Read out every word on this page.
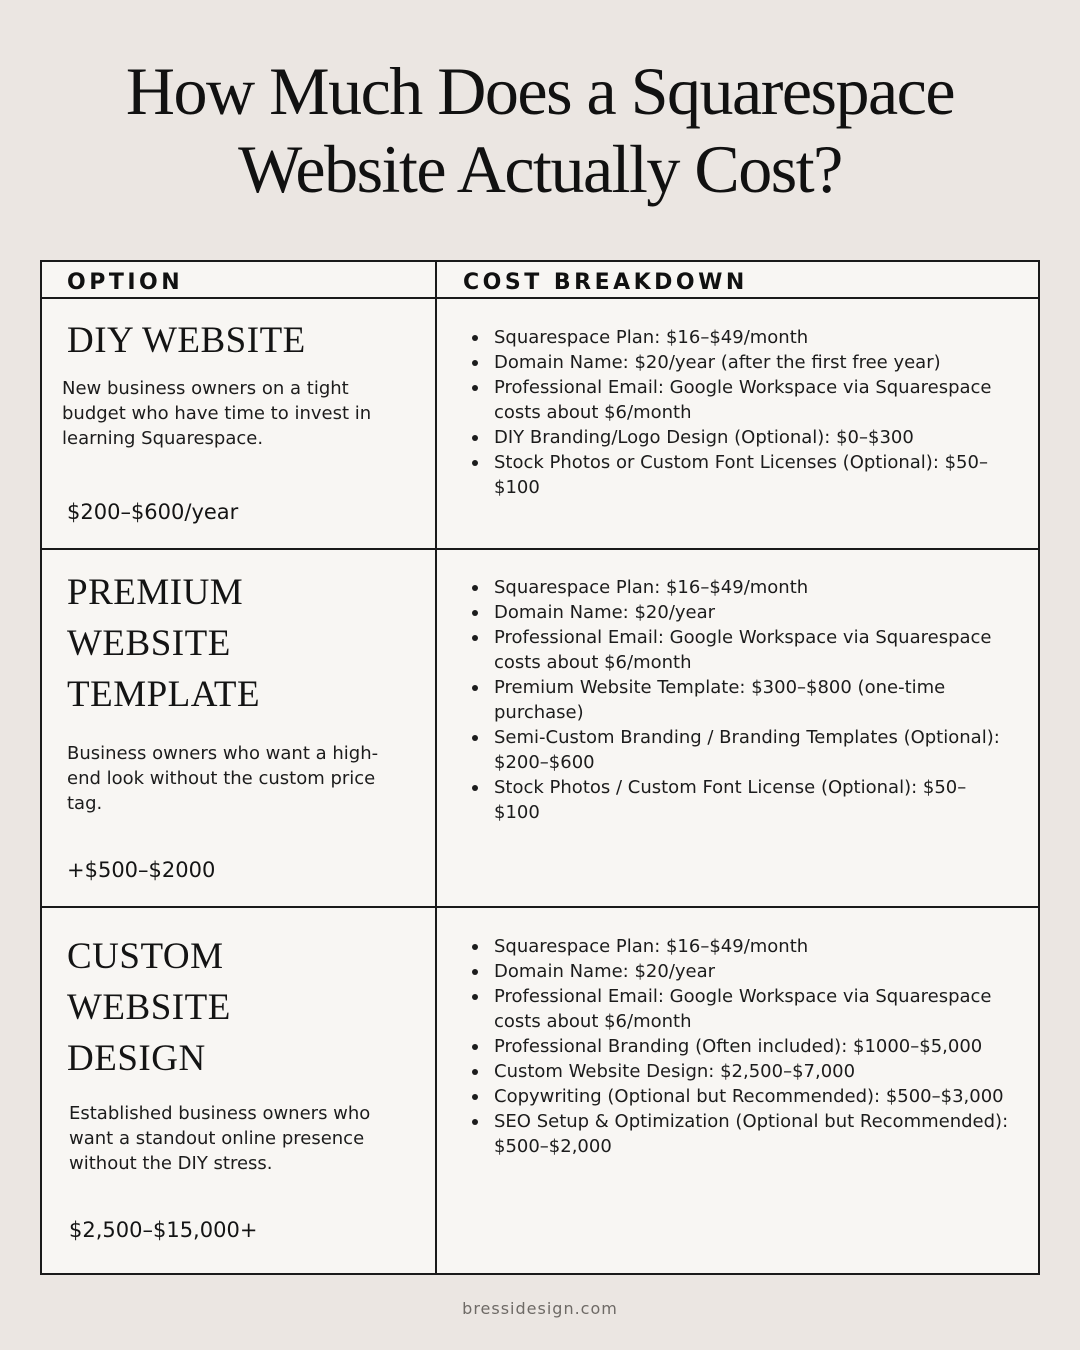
How Much Does a Squarespace
Website Actually Cost?
OPTION	COST BREAKDOWN
DIY WEBSITE
New business owners on a tight budget who have time to invest in learning Squarespace.
$200–$600/year
Squarespace Plan: $16–$49/month
Domain Name: $20/year (after the first free year)
Professional Email: Google Workspace via Squarespace costs about $6/month
DIY Branding/Logo Design (Optional): $0–$300
Stock Photos or Custom Font Licenses (Optional): $50–$100
PREMIUM
WEBSITE
TEMPLATE
Business owners who want a high-end look without the custom price tag.
+$500–$2000
Squarespace Plan: $16–$49/month
Domain Name: $20/year
Professional Email: Google Workspace via Squarespace costs about $6/month
Premium Website Template: $300–$800 (one-time purchase)
Semi-Custom Branding / Branding Templates (Optional): $200–$600
Stock Photos / Custom Font License (Optional): $50–$100
CUSTOM
WEBSITE
DESIGN
Established business owners who want a standout online presence without the DIY stress.
$2,500–$15,000+
Squarespace Plan: $16–$49/month
Domain Name: $20/year
Professional Email: Google Workspace via Squarespace costs about $6/month
Professional Branding (Often included): $1000–$5,000
Custom Website Design: $2,500–$7,000
Copywriting (Optional but Recommended): $500–$3,000
SEO Setup & Optimization (Optional but Recommended): $500–$2,000
bressidesign.com
